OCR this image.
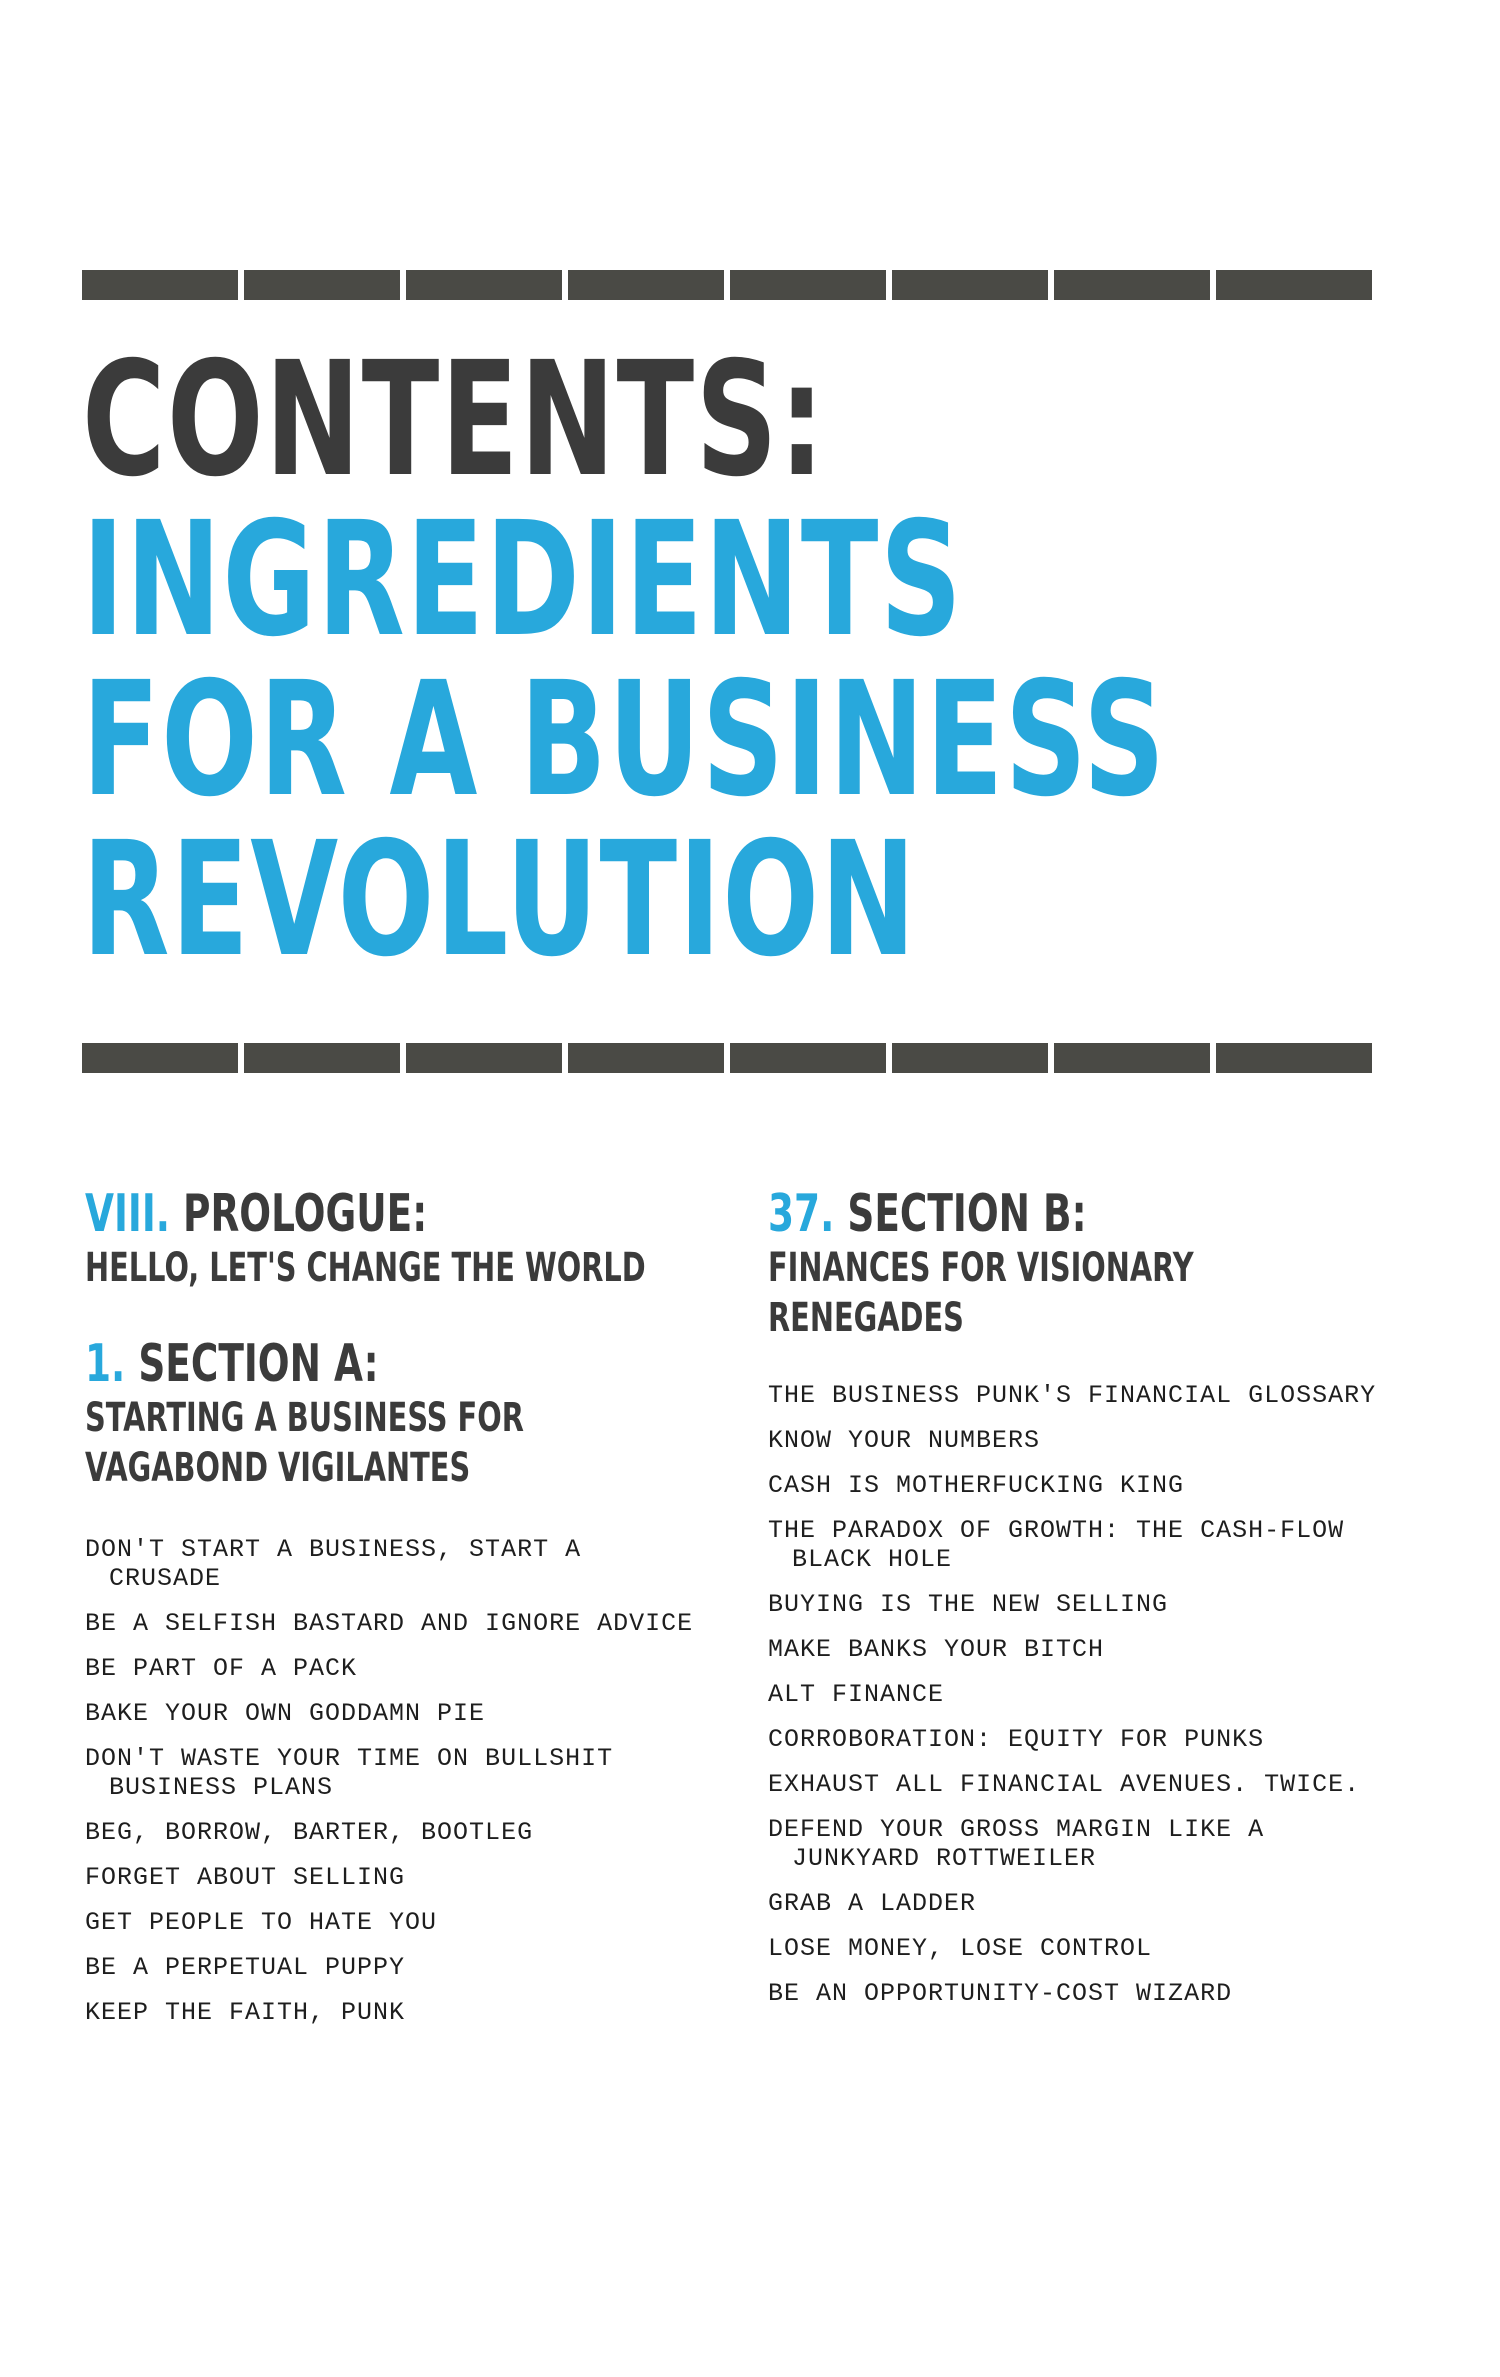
CONTENTS:
INGREDIENTS
FOR A BUSINESS
REVOLUTION
VIII. PROLOGUE:
HELLO, LET'S CHANGE THE WORLD
1. SECTION A:
STARTING A BUSINESS FOR
VAGABOND VIGILANTES
DON'T START A BUSINESS, START A CRUSADE
BE A SELFISH BASTARD AND IGNORE ADVICE
BE PART OF A PACK
BAKE YOUR OWN GODDAMN PIE
DON'T WASTE YOUR TIME ON BULLSHIT BUSINESS PLANS
BEG, BORROW, BARTER, BOOTLEG
FORGET ABOUT SELLING
GET PEOPLE TO HATE YOU
BE A PERPETUAL PUPPY
KEEP THE FAITH, PUNK
37. SECTION B:
FINANCES FOR VISIONARY
RENEGADES
THE BUSINESS PUNK'S FINANCIAL GLOSSARY
KNOW YOUR NUMBERS
CASH IS MOTHERFUCKING KING
THE PARADOX OF GROWTH: THE CASH-FLOW BLACK HOLE
BUYING IS THE NEW SELLING
MAKE BANKS YOUR BITCH
ALT FINANCE
CORROBORATION: EQUITY FOR PUNKS
EXHAUST ALL FINANCIAL AVENUES. TWICE.
DEFEND YOUR GROSS MARGIN LIKE A JUNKYARD ROTTWEILER
GRAB A LADDER
LOSE MONEY, LOSE CONTROL
BE AN OPPORTUNITY-COST WIZARD
